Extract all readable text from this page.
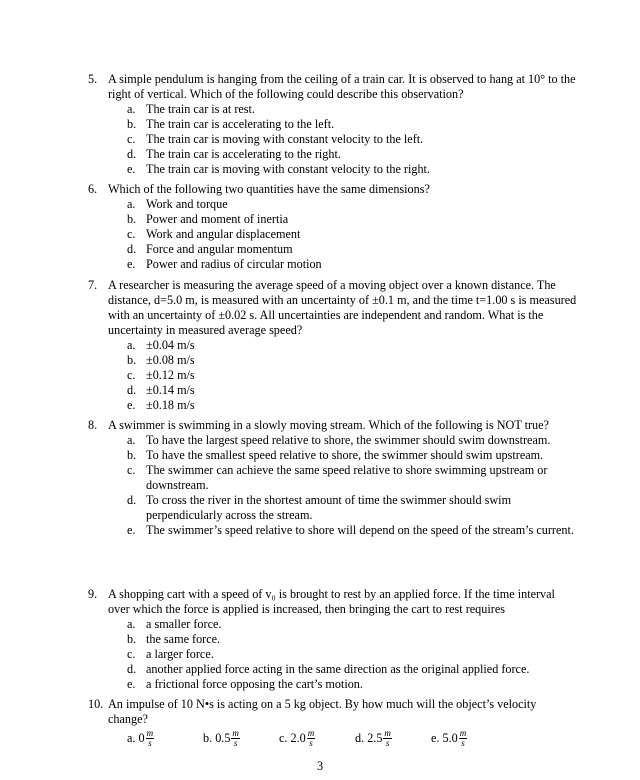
5. A simple pendulum is hanging from the ceiling of a train car. It is observed to hang at 10° to the right of vertical. Which of the following could describe this observation?
a. The train car is at rest.
b. The train car is accelerating to the left.
c. The train car is moving with constant velocity to the left.
d. The train car is accelerating to the right.
e. The train car is moving with constant velocity to the right.
6. Which of the following two quantities have the same dimensions?
a. Work and torque
b. Power and moment of inertia
c. Work and angular displacement
d. Force and angular momentum
e. Power and radius of circular motion
7. A researcher is measuring the average speed of a moving object over a known distance. The distance, d=5.0 m, is measured with an uncertainty of ±0.1 m, and the time t=1.00 s is measured with an uncertainty of ±0.02 s. All uncertainties are independent and random. What is the uncertainty in measured average speed?
a. ±0.04 m/s
b. ±0.08 m/s
c. ±0.12 m/s
d. ±0.14 m/s
e. ±0.18 m/s
8. A swimmer is swimming in a slowly moving stream. Which of the following is NOT true?
a. To have the largest speed relative to shore, the swimmer should swim downstream.
b. To have the smallest speed relative to shore, the swimmer should swim upstream.
c. The swimmer can achieve the same speed relative to shore swimming upstream or downstream.
d. To cross the river in the shortest amount of time the swimmer should swim perpendicularly across the stream.
e. The swimmer’s speed relative to shore will depend on the speed of the stream’s current.
9. A shopping cart with a speed of v₀ is brought to rest by an applied force. If the time interval over which the force is applied is increased, then bringing the cart to rest requires
a. a smaller force.
b. the same force.
c. a larger force.
d. another applied force acting in the same direction as the original applied force.
e. a frictional force opposing the cart’s motion.
10. An impulse of 10 N•s is acting on a 5 kg object. By how much will the object’s velocity change?
a. $0 \frac{m}{s}$	b. $0.5 \frac{m}{s}$	c. $2.0 \frac{m}{s}$	d. $2.5 \frac{m}{s}$	e. $5.0 \frac{m}{s}$
3
